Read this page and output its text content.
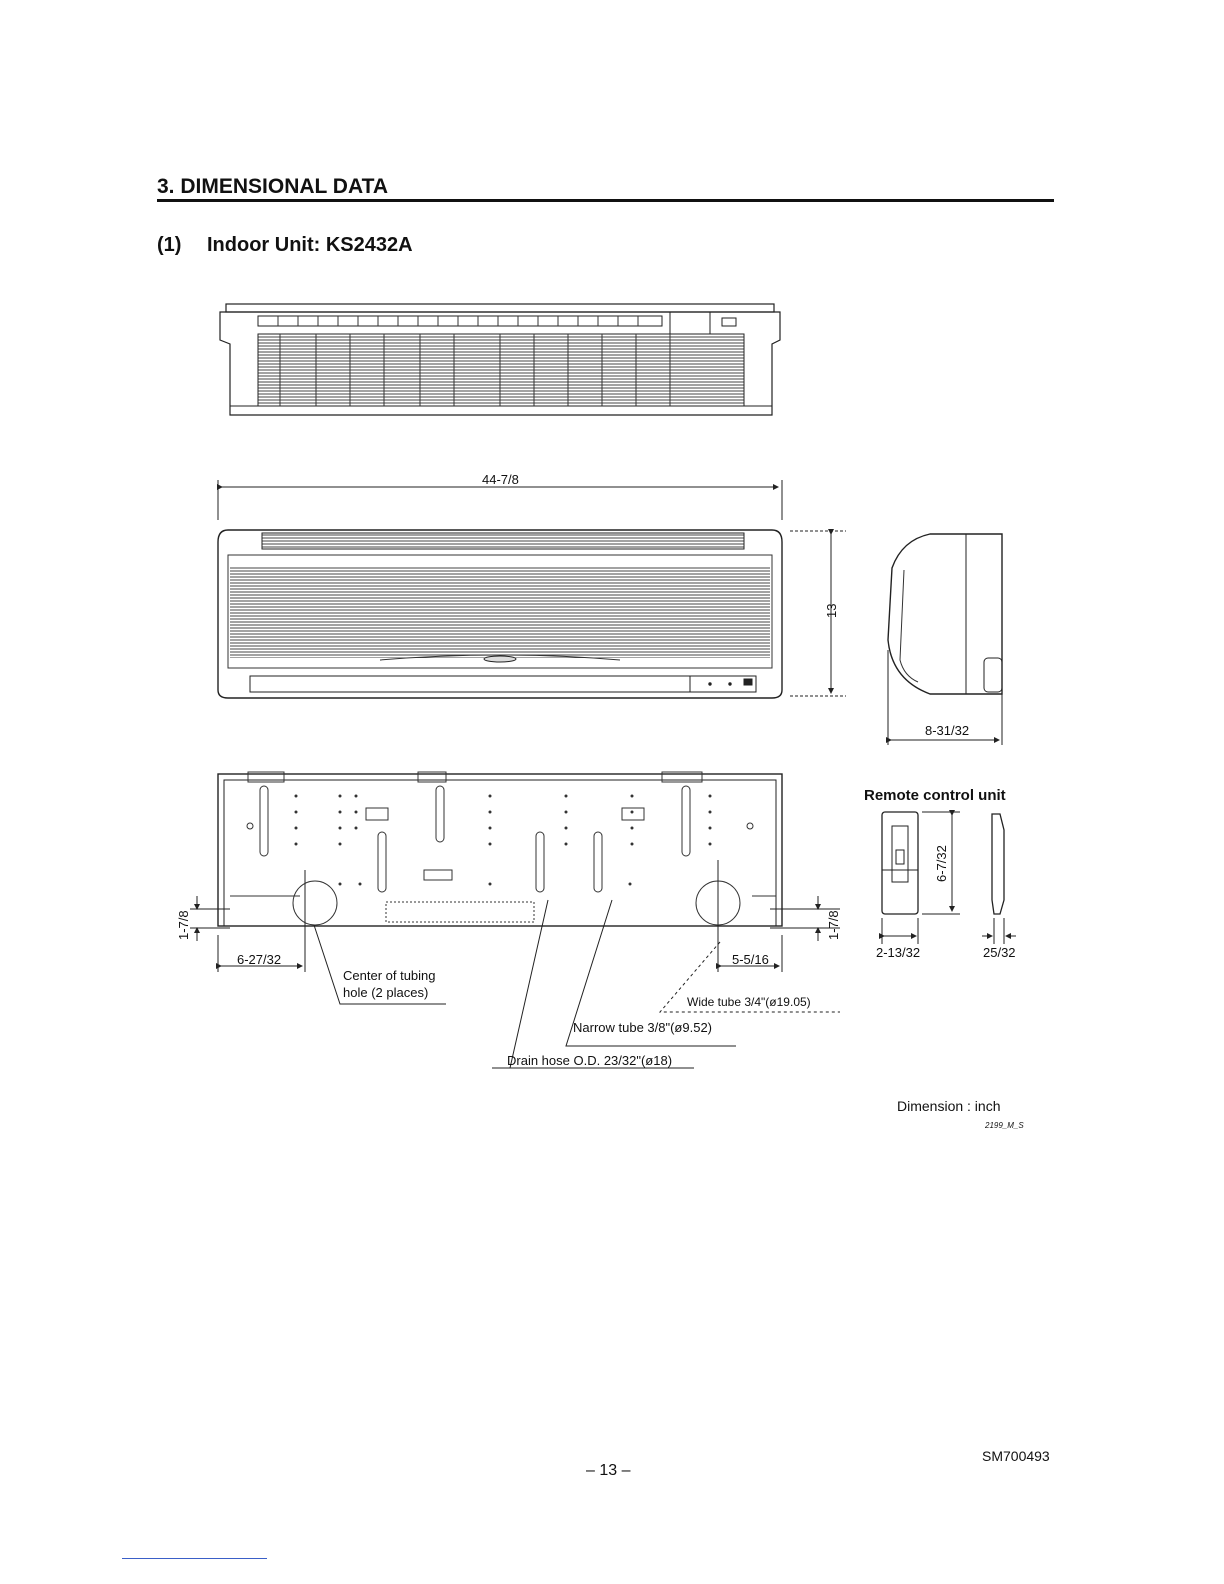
3. DIMENSIONAL DATA
(1) Indoor Unit: KS2432A
44-7/8
13
8-31/32
6-27/32	5-5/16
1-7/8	1-7/8
Center of tubing
hole (2 places)
Wide tube 3/4"(ø19.05)
Narrow tube 3/8"(ø9.52)
Drain hose O.D. 23/32"(ø18)
Remote control unit
6-7/32
2-13/32	25/32
Dimension : inch
2199_M_S
– 13 –
SM700493
